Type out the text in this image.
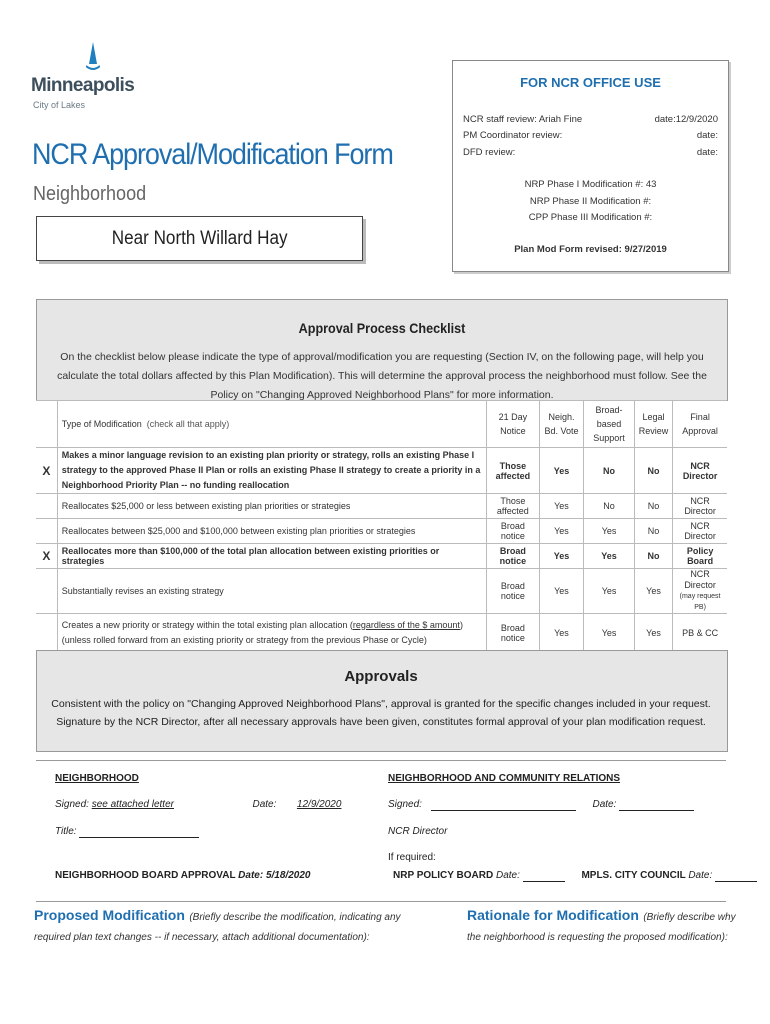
Minneapolis
City of Lakes
NCR Approval/Modification Form
Neighborhood
Near North Willard Hay
FOR NCR OFFICE USE
NCR staff review: Ariah Fine	date:12/9/2020
PM Coordinator review:	date:
DFD review:	date:
NRP Phase I Modification #: 43
NRP Phase II Modification #:
CPP Phase III Modification #:
Plan Mod Form revised: 9/27/2019
Approval Process Checklist
On the checklist below please indicate the type of approval/modification you are requesting (Section IV, on the following page, will help you calculate the total dollars affected by this Plan Modification). This will determine the approval process the neighborhood must follow. See the Policy on "Changing Approved Neighborhood Plans" for more information.
	Type of Modification (check all that apply)	21 Day Notice	Neigh. Bd. Vote	Broad-based Support	Legal Review	Final Approval
X	Makes a minor language revision to an existing plan priority or strategy, rolls an existing Phase I strategy to the approved Phase II Plan or rolls an existing Phase II strategy to create a priority in a Neighborhood Priority Plan -- no funding reallocation	Those affected	Yes	No	No	NCR Director
	Reallocates $25,000 or less between existing plan priorities or strategies	Those affected	Yes	No	No	NCR Director
	Reallocates between $25,000 and $100,000 between existing plan priorities or strategies	Broad notice	Yes	Yes	No	NCR Director
X	Reallocates more than $100,000 of the total plan allocation between existing priorities or strategies	Broad notice	Yes	Yes	No	Policy Board
	Substantially revises an existing strategy	Broad notice	Yes	Yes	Yes	NCR Director
(may request PB)

	Creates a new priority or strategy within the total existing plan allocation (regardless of the $ amount) (unless rolled forward from an existing priority or strategy from the previous Phase or Cycle)	Broad notice	Yes	Yes	Yes	PB & CC

Approvals
Consistent with the policy on "Changing Approved Neighborhood Plans", approval is granted for the specific changes included in your request.
Signature by the NCR Director, after all necessary approvals have been given, constitutes formal approval of your plan modification request.
NEIGHBORHOOD	NEIGHBORHOOD AND COMMUNITY RELATIONS
Signed: see attached letter	Date: 12/9/2020	Signed:	Date:
Title:	NCR Director
If required:
NEIGHBORHOOD BOARD APPROVAL Date: 5/18/2020	NRP POLICY BOARD Date:	MPLS. CITY COUNCIL Date:
Proposed Modification (Briefly describe the modification, indicating any
required plan text changes -- if necessary, attach additional documentation):
Rationale for Modification (Briefly describe why
the neighborhood is requesting the proposed modification):
